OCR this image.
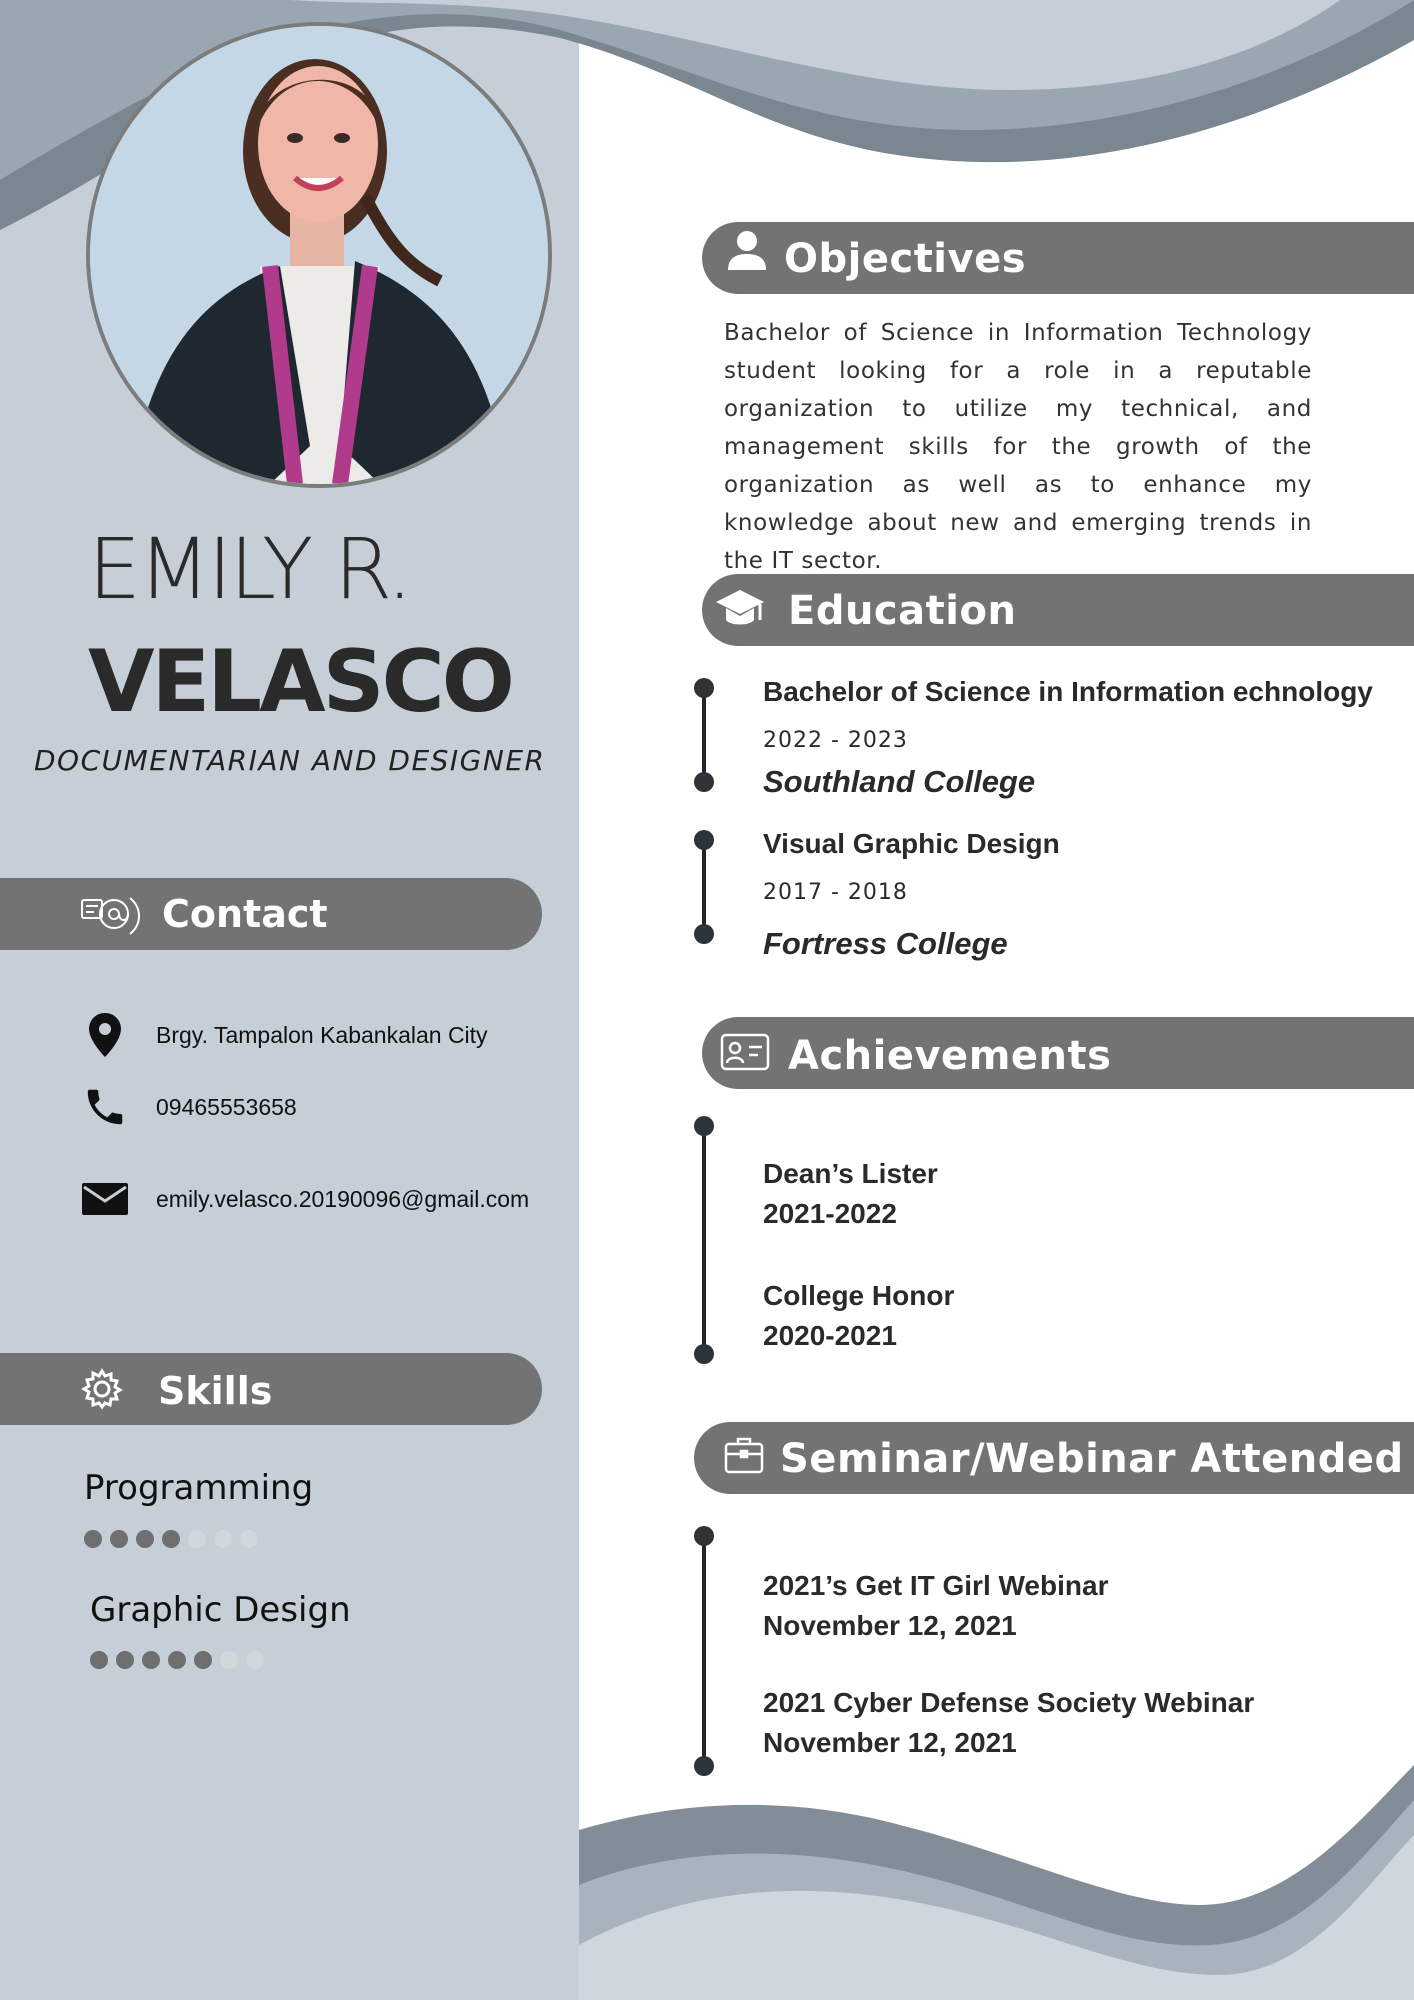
EMILY R.
VELASCO
DOCUMENTARIAN AND DESIGNER
Contact
Brgy. Tampalon Kabankalan City
09465553658
emily.velasco.20190096@gmail.com
Skills
Programming
Graphic Design
Objectives
Bachelor of Science in Information Technology student looking for a role in a reputable organization to utilize my technical, and management skills for the growth of the organization as well as to enhance my knowledge about new and emerging trends in the IT sector.
Education
Bachelor of Science in Information echnology
2022 - 2023
Southland College
Visual Graphic Design
2017 - 2018
Fortress College
Achievements
Dean’s Lister
2021-2022
College Honor
2020-2021
Seminar/Webinar Attended
2021’s Get IT Girl Webinar
November 12, 2021
2021 Cyber Defense Society Webinar
November 12, 2021
